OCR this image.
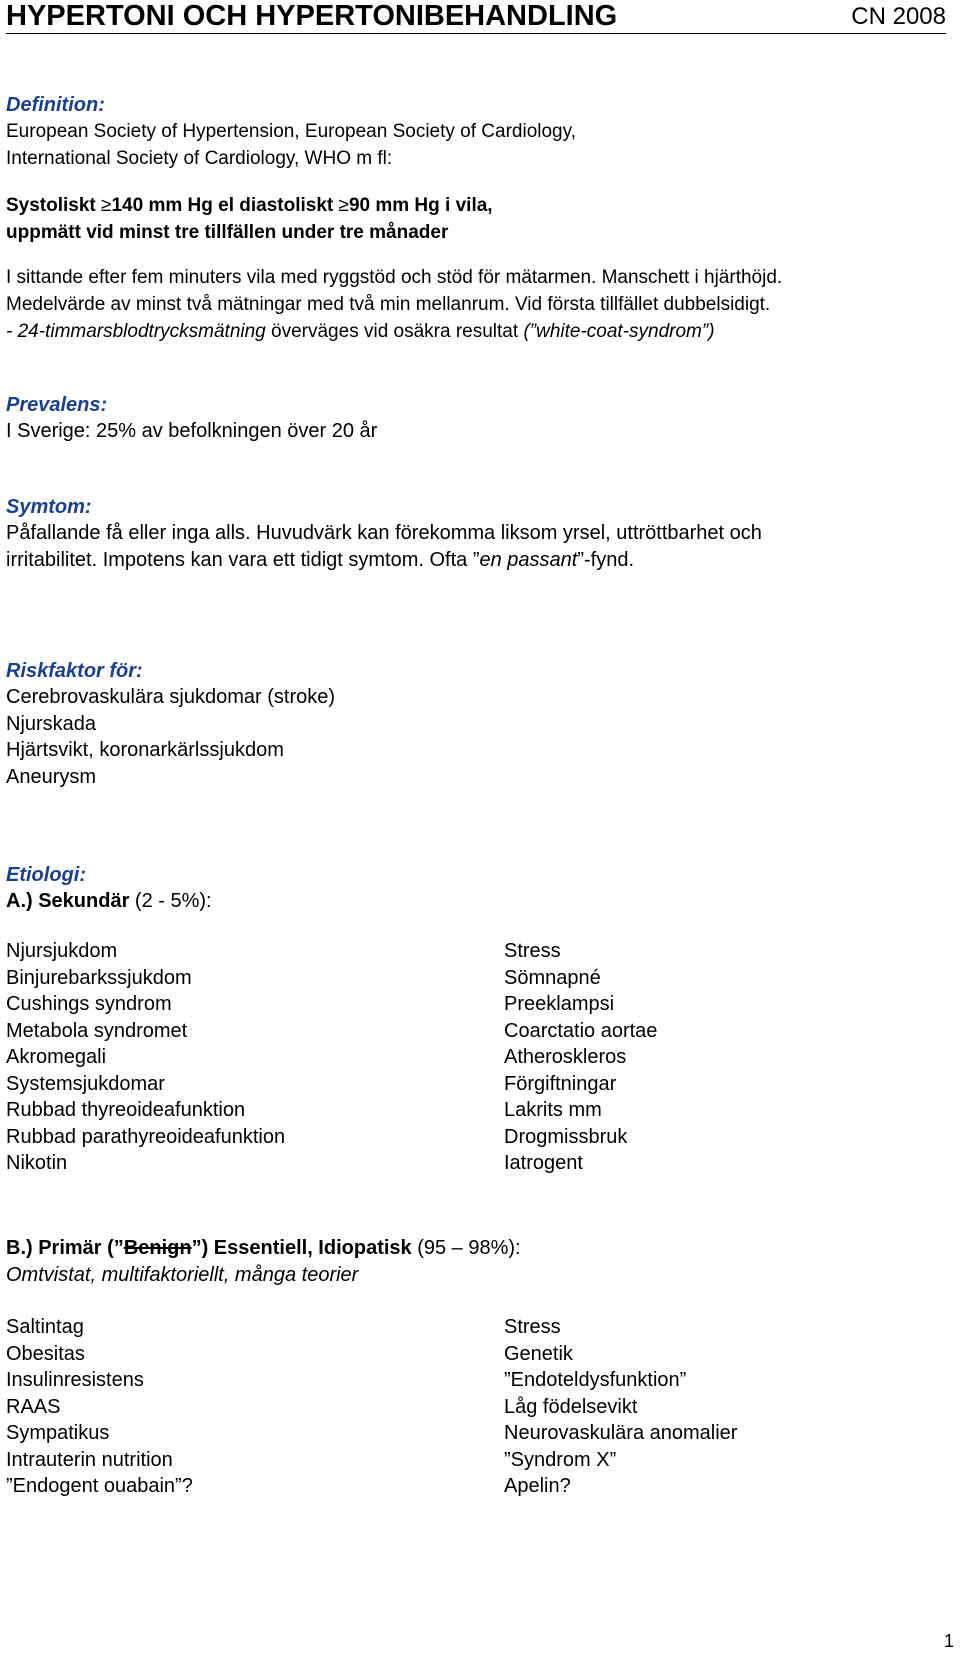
HYPERTONI OCH HYPERTONIBEHANDLING	CN 2008
Definition:
European Society of Hypertension, European Society of Cardiology,
International Society of Cardiology, WHO m fl:
Systoliskt ≥140 mm Hg el diastoliskt ≥90 mm Hg i vila,
uppmätt vid minst tre tillfällen under tre månader
I sittande efter fem minuters vila med ryggstöd och stöd för mätarmen. Manschett i hjärthöjd.
Medelvärde av minst två mätningar med två min mellanrum. Vid första tillfället dubbelsidigt.
- 24-timmarsblodtrycksmätning överväges vid osäkra resultat (”white-coat-syndrom”)
Prevalens:
I Sverige: 25% av befolkningen över 20 år
Symtom:
Påfallande få eller inga alls. Huvudvärk kan förekomma liksom yrsel, uttröttbarhet och
irritabilitet. Impotens kan vara ett tidigt symtom. Ofta ”en passant”-fynd.
Riskfaktor för:
Cerebrovaskulära sjukdomar (stroke)
Njurskada
Hjärtsvikt, koronarkärlssjukdom
Aneurysm
Etiologi:
A.) Sekundär (2 - 5%):
Njursjukdom
Binjurebarkssjukdom
Cushings syndrom
Metabola syndromet
Akromegali
Systemsjukdomar
Rubbad thyreoideafunktion
Rubbad parathyreoideafunktion
Nikotin
Stress
Sömnapné
Preeklampsi
Coarctatio aortae
Atheroskleros
Förgiftningar
Lakrits mm
Drogmissbruk
Iatrogent
B.) Primär (”Benign”) Essentiell, Idiopatisk (95 – 98%):
Omtvistat, multifaktoriellt, många teorier
Saltintag
Obesitas
Insulinresistens
RAAS
Sympatikus
Intrauterin nutrition
”Endogent ouabain”?
Stress
Genetik
”Endoteldysfunktion”
Låg födelsevikt
Neurovaskulära anomalier
”Syndrom X”
Apelin?
1
